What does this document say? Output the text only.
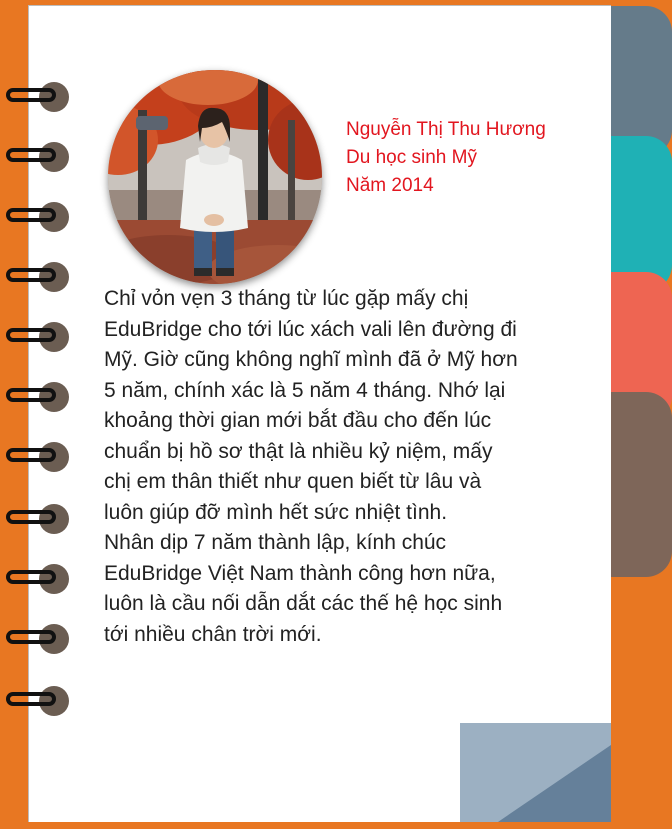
Nguyễn Thị Thu Hương
Du học sinh Mỹ
Năm 2014
Chỉ vỏn vẹn 3 tháng từ lúc gặp mấy chị
EduBridge cho tới lúc xách vali lên đường đi
Mỹ. Giờ cũng không nghĩ mình đã ở Mỹ hơn
5 năm, chính xác là 5 năm 4 tháng. Nhớ lại
khoảng thời gian mới bắt đầu cho đến lúc
chuẩn bị hồ sơ thật là nhiều kỷ niệm, mấy
chị em thân thiết như quen biết từ lâu và
luôn giúp đỡ mình hết sức nhiệt tình.
Nhân dịp 7 năm thành lập, kính chúc
EduBridge Việt Nam thành công hơn nữa,
luôn là cầu nối dẫn dắt các thế hệ học sinh
tới nhiều chân trời mới.
